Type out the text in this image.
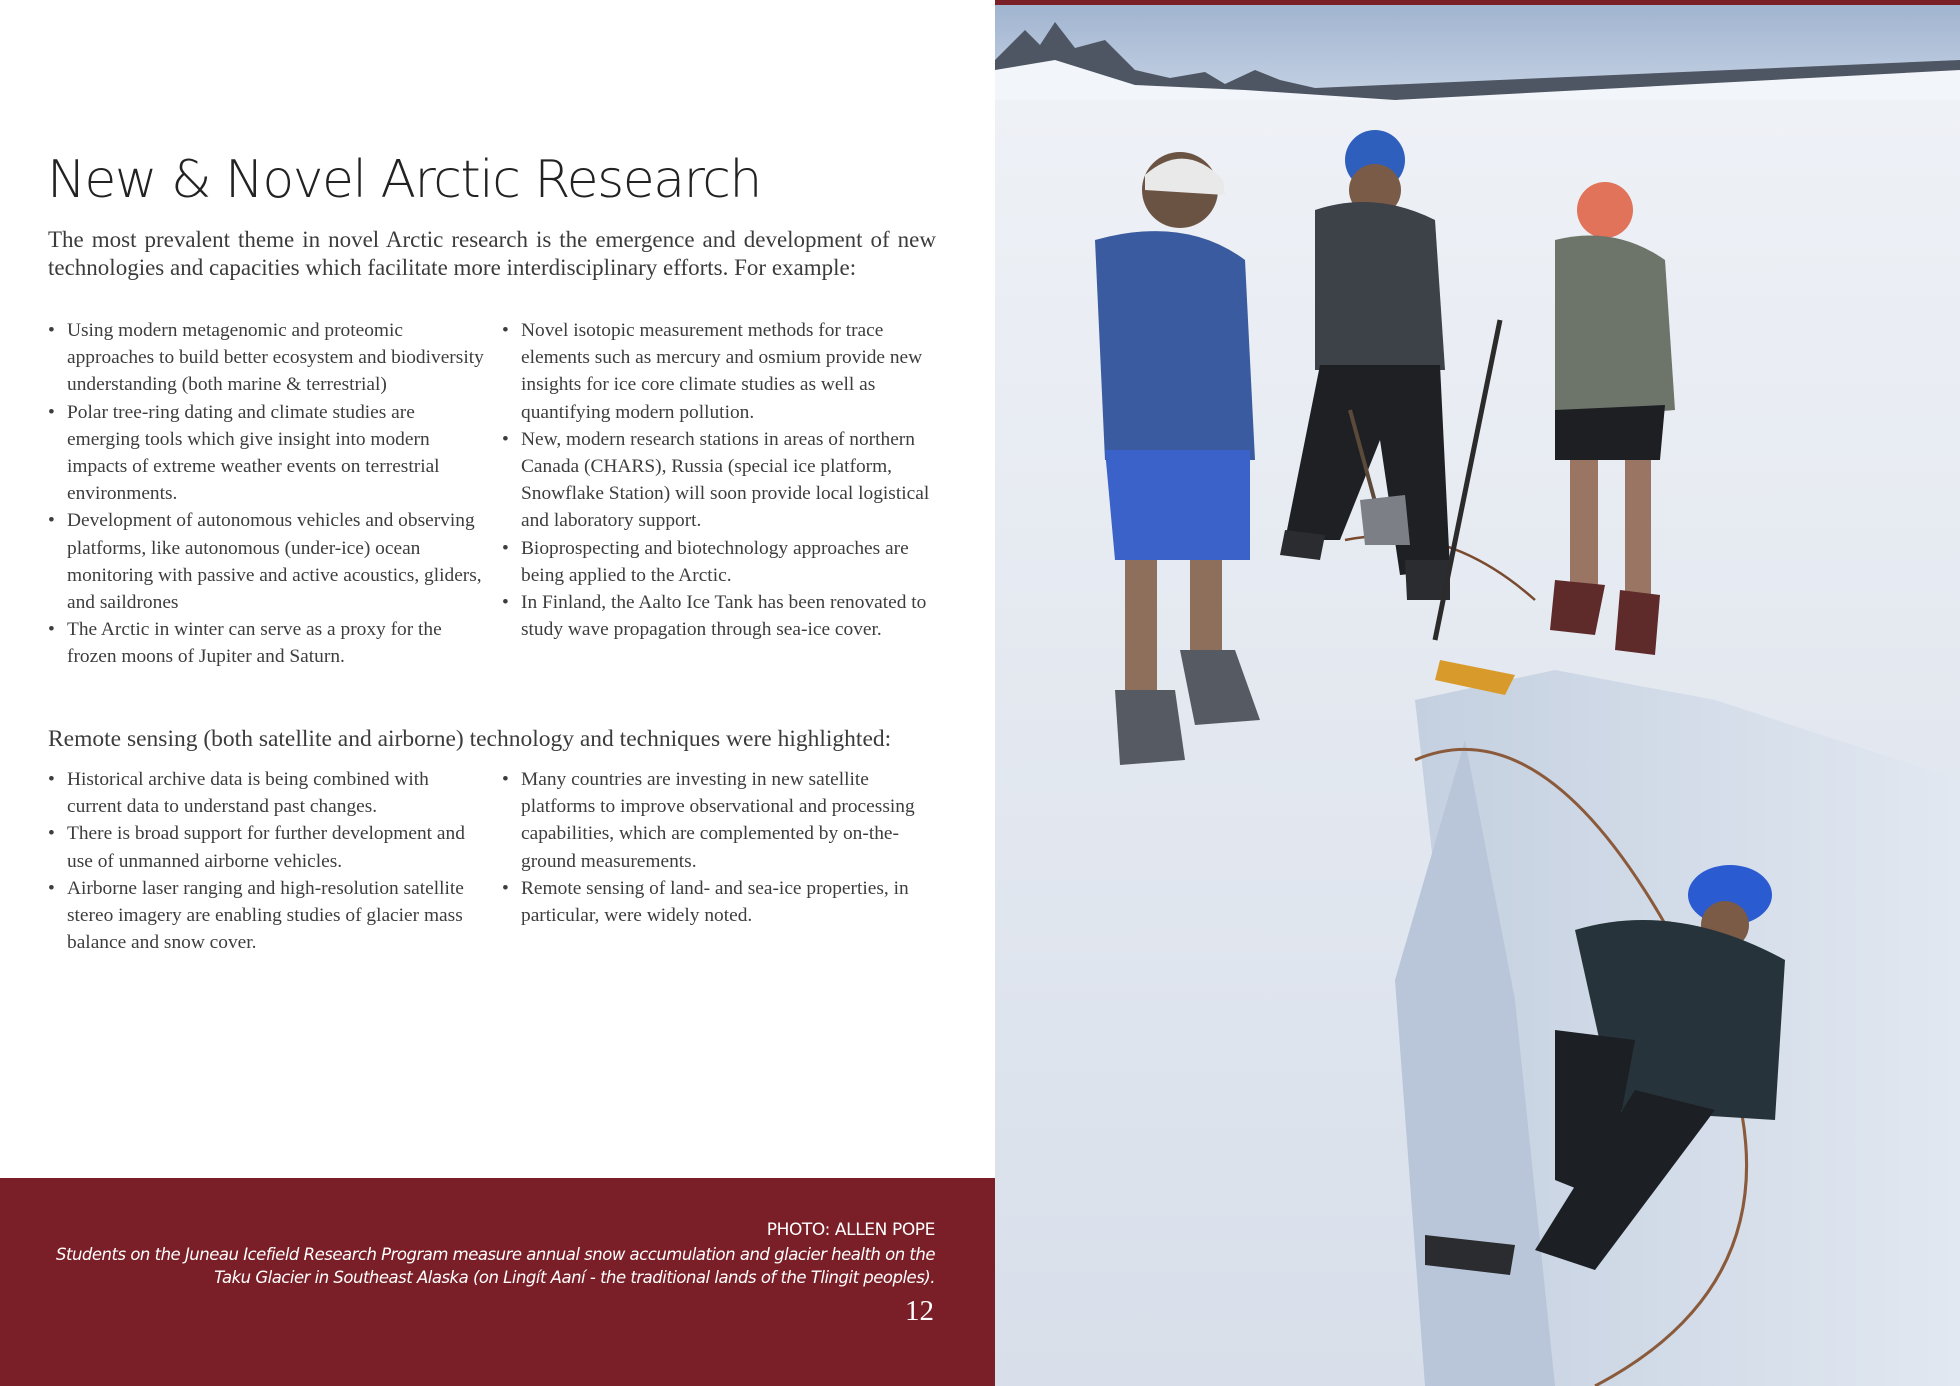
New & Novel Arctic Research

The most prevalent theme in novel Arctic research is the emergence and development of new technologies and capacities which facilitate more interdisciplinary efforts. For example:

• Using modern metagenomic and proteomic approaches to build better ecosystem and biodiversity understanding (both marine & terrestrial)
• Polar tree-ring dating and climate studies are emerging tools which give insight into modern impacts of extreme weather events on terrestrial environments.
• Development of autonomous vehicles and observing platforms, like autonomous (under-ice) ocean monitoring with passive and active acoustics, gliders, and saildrones
• The Arctic in winter can serve as a proxy for the frozen moons of Jupiter and Saturn.
• Novel isotopic measurement methods for trace elements such as mercury and osmium provide new insights for ice core climate studies as well as quantifying modern pollution.
• New, modern research stations in areas of northern Canada (CHARS), Russia (special ice platform, Snowflake Station) will soon provide local logistical and laboratory support.
• Bioprospecting and biotechnology approaches are being applied to the Arctic.
• In Finland, the Aalto Ice Tank has been renovated to study wave propagation through sea-ice cover.
Remote sensing (both satellite and airborne) technology and techniques were highlighted:
• Historical archive data is being combined with current data to understand past changes.
• There is broad support for further development and use of unmanned airborne vehicles.
• Airborne laser ranging and high-resolution satellite stereo imagery are enabling studies of glacier mass balance and snow cover.
• Many countries are investing in new satellite platforms to improve observational and processing capabilities, which are complemented by on-the-ground measurements.
• Remote sensing of land- and sea-ice properties, in particular, were widely noted.

PHOTO: ALLEN POPE

Students on the Juneau Icefield Research Program measure annual snow accumulation and glacier health on the Taku Glacier in Southeast Alaska (on Lingít Aaní - the traditional lands of the Tlingit peoples).

12
